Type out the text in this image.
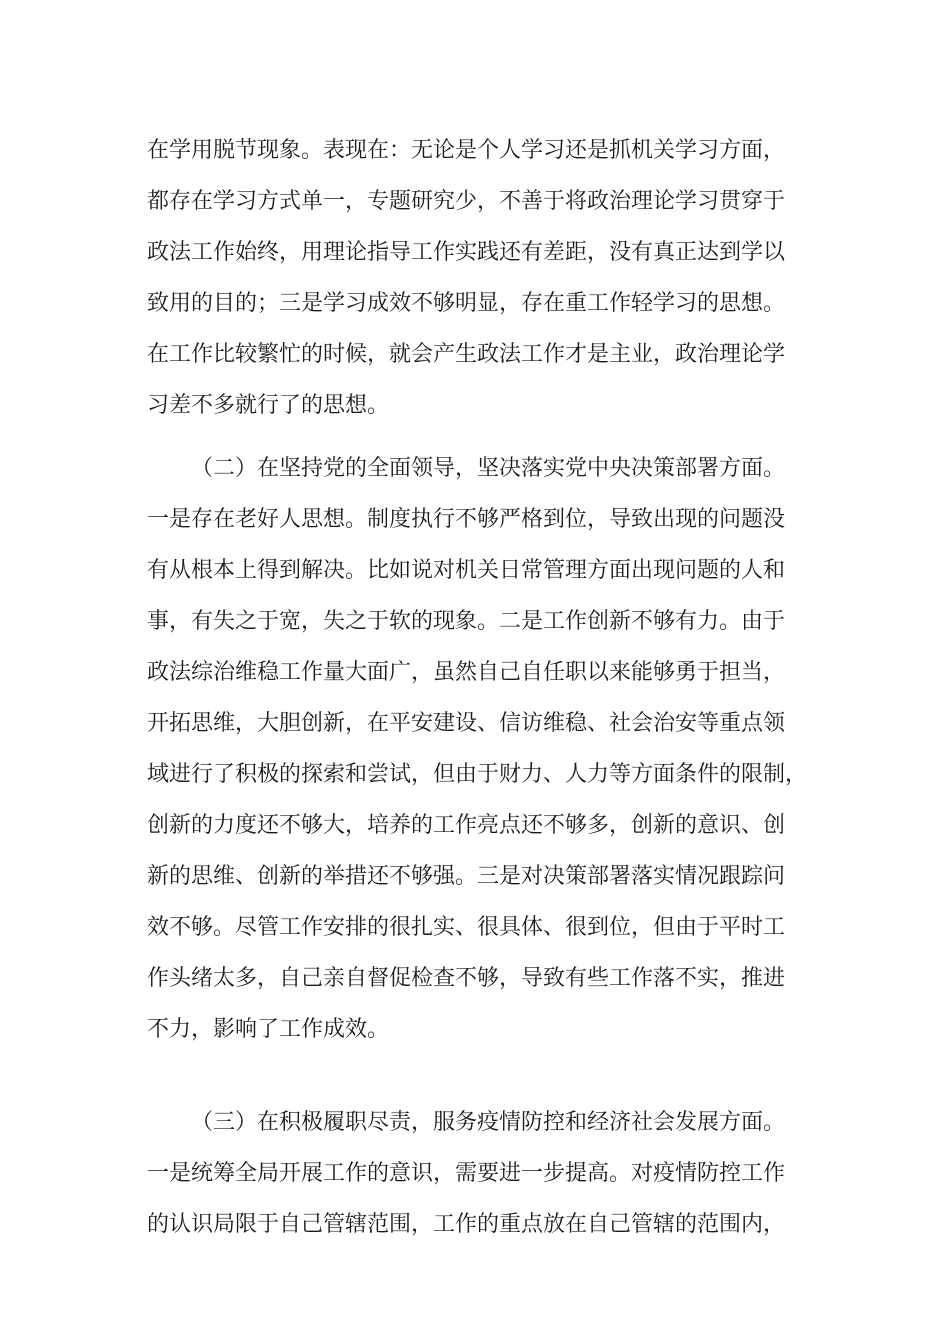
在学用脱节现象。表现在：无论是个人学习还是抓机关学习方面，
都存在学习方式单一，专题研究少，不善于将政治理论学习贯穿于
政法工作始终，用理论指导工作实践还有差距，没有真正达到学以
致用的目的；三是学习成效不够明显，存在重工作轻学习的思想。
在工作比较繁忙的时候，就会产生政法工作才是主业，政治理论学
习差不多就行了的思想。
（二）在坚持党的全面领导，坚决落实党中央决策部署方面。
一是存在老好人思想。制度执行不够严格到位，导致出现的问题没
有从根本上得到解决。比如说对机关日常管理方面出现问题的人和
事，有失之于宽，失之于软的现象。二是工作创新不够有力。由于
政法综治维稳工作量大面广，虽然自己自任职以来能够勇于担当，
开拓思维，大胆创新，在平安建设、信访维稳、社会治安等重点领
域进行了积极的探索和尝试，但由于财力、人力等方面条件的限制，
创新的力度还不够大，培养的工作亮点还不够多，创新的意识、创
新的思维、创新的举措还不够强。三是对决策部署落实情况跟踪问
效不够。尽管工作安排的很扎实、很具体、很到位，但由于平时工
作头绪太多，自己亲自督促检查不够，导致有些工作落不实，推进
不力，影响了工作成效。
（三）在积极履职尽责，服务疫情防控和经济社会发展方面。
一是统筹全局开展工作的意识，需要进一步提高。对疫情防控工作
的认识局限于自己管辖范围，工作的重点放在自己管辖的范围内，
